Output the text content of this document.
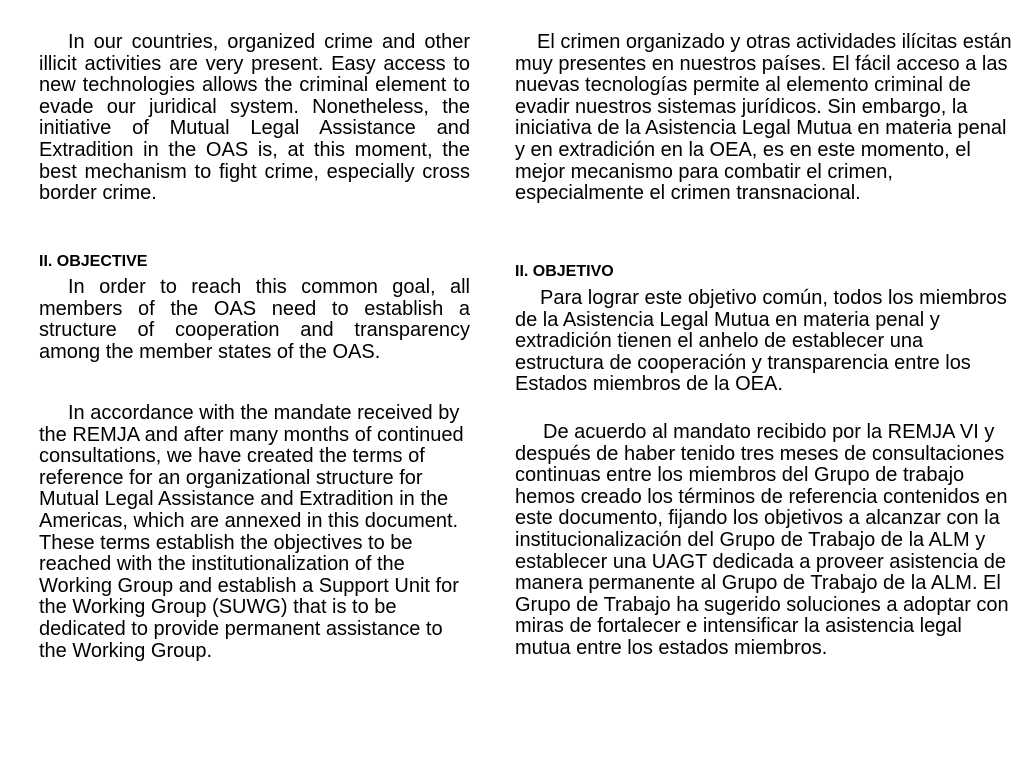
In our countries, organized crime and other illicit activities are very present. Easy access to new technologies allows the criminal element to evade our juridical system. Nonetheless, the initiative of Mutual Legal Assistance and Extradition in the OAS is, at this moment, the best mechanism to fight crime, especially cross border crime.

II. OBJECTIVE

In order to reach this common goal, all members of the OAS need to establish a structure of cooperation and transparency among the member states of the OAS.

In accordance with the mandate received by the REMJA and after many months of continued consultations, we have created the terms of reference for an organizational structure for Mutual Legal Assistance and Extradition in the Americas, which are annexed in this document. These terms establish the objectives to be reached with the institutionalization of the Working Group and establish a Support Unit for the Working Group (SUWG) that is to be dedicated to provide permanent assistance to the Working Group.

El crimen organizado y otras actividades ilícitas están muy presentes en nuestros países. El fácil acceso a las nuevas tecnologías permite al elemento criminal de evadir nuestros sistemas jurídicos. Sin embargo, la iniciativa de la Asistencia Legal Mutua en materia penal y en extradición en la OEA, es en este momento, el mejor mecanismo para combatir el crimen, especialmente el crimen transnacional.

II. OBJETIVO

Para lograr este objetivo común, todos los miembros de la Asistencia Legal Mutua en materia penal y extradición tienen el anhelo de establecer una estructura de cooperación y transparencia entre los Estados miembros de la OEA.

De acuerdo al mandato recibido por la REMJA VI y después de haber tenido tres meses de consultaciones continuas entre los miembros del Grupo de trabajo hemos creado los términos de referencia contenidos en este documento, fijando los objetivos a alcanzar con la institucionalización del Grupo de Trabajo de la ALM y establecer una UAGT dedicada a proveer asistencia de manera permanente al Grupo de Trabajo de la ALM. El Grupo de Trabajo ha sugerido soluciones a adoptar con miras de fortalecer e intensificar la asistencia legal mutua entre los estados miembros.
